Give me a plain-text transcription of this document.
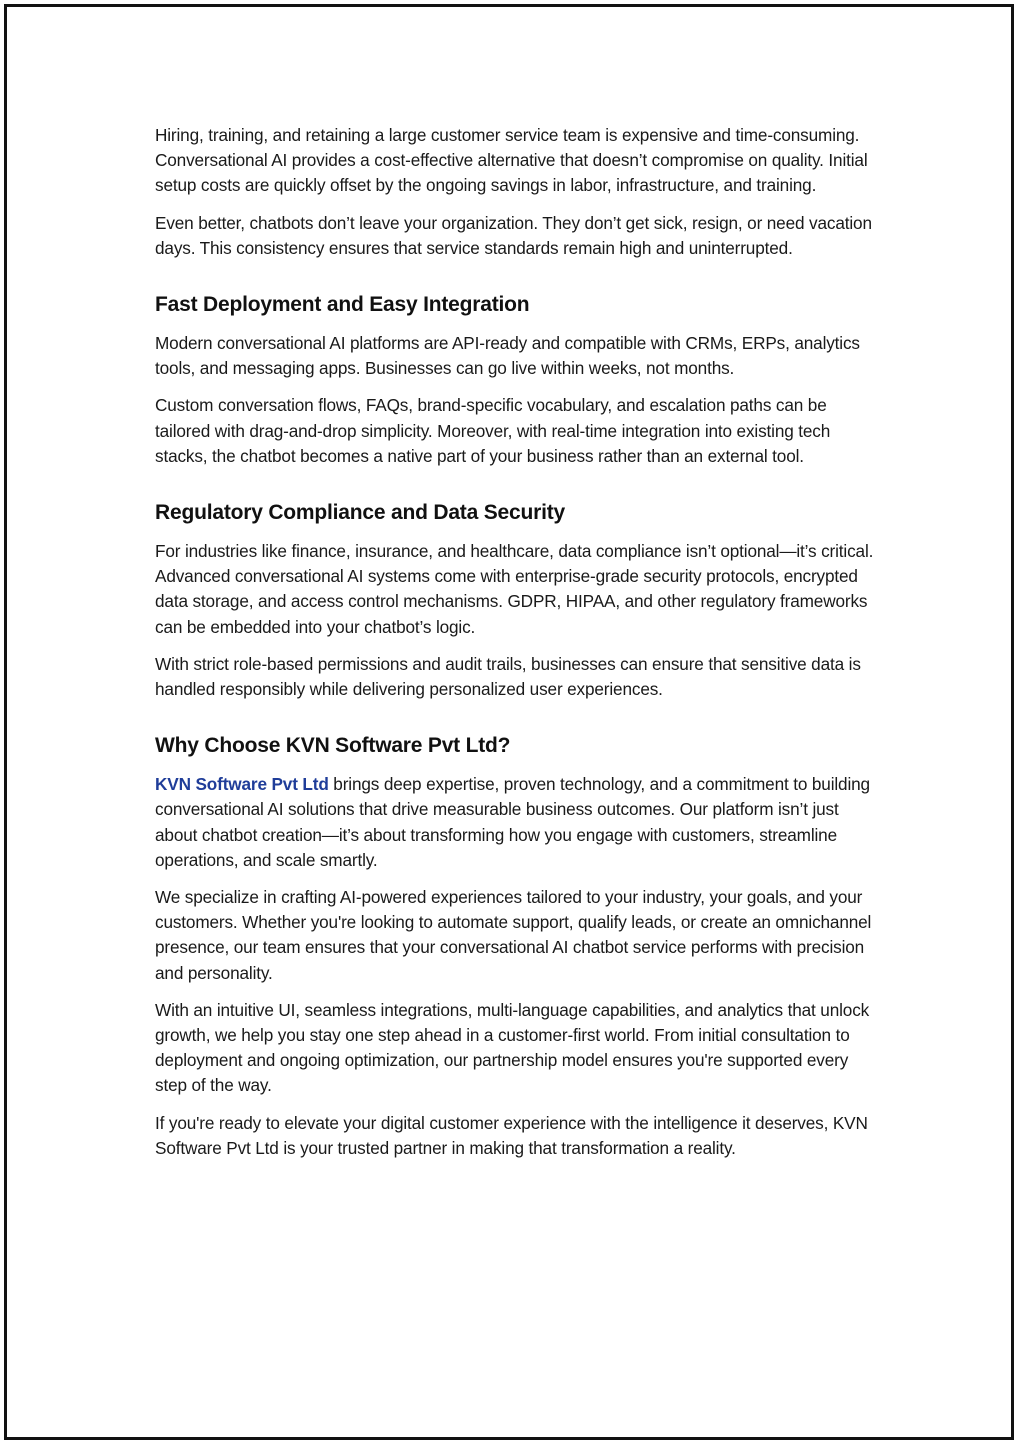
Hiring, training, and retaining a large customer service team is expensive and time-consuming. Conversational AI provides a cost-effective alternative that doesn’t compromise on quality. Initial setup costs are quickly offset by the ongoing savings in labor, infrastructure, and training.

Even better, chatbots don’t leave your organization. They don’t get sick, resign, or need vacation days. This consistency ensures that service standards remain high and uninterrupted.

Fast Deployment and Easy Integration

Modern conversational AI platforms are API-ready and compatible with CRMs, ERPs, analytics tools, and messaging apps. Businesses can go live within weeks, not months.

Custom conversation flows, FAQs, brand-specific vocabulary, and escalation paths can be tailored with drag-and-drop simplicity. Moreover, with real-time integration into existing tech stacks, the chatbot becomes a native part of your business rather than an external tool.

Regulatory Compliance and Data Security

For industries like finance, insurance, and healthcare, data compliance isn’t optional—it’s critical. Advanced conversational AI systems come with enterprise-grade security protocols, encrypted data storage, and access control mechanisms. GDPR, HIPAA, and other regulatory frameworks can be embedded into your chatbot’s logic.

With strict role-based permissions and audit trails, businesses can ensure that sensitive data is handled responsibly while delivering personalized user experiences.

Why Choose KVN Software Pvt Ltd?

KVN Software Pvt Ltd brings deep expertise, proven technology, and a commitment to building conversational AI solutions that drive measurable business outcomes. Our platform isn’t just about chatbot creation—it’s about transforming how you engage with customers, streamline operations, and scale smartly.

We specialize in crafting AI-powered experiences tailored to your industry, your goals, and your customers. Whether you're looking to automate support, qualify leads, or create an omnichannel presence, our team ensures that your conversational AI chatbot service performs with precision and personality.

With an intuitive UI, seamless integrations, multi-language capabilities, and analytics that unlock growth, we help you stay one step ahead in a customer-first world. From initial consultation to deployment and ongoing optimization, our partnership model ensures you're supported every step of the way.

If you're ready to elevate your digital customer experience with the intelligence it deserves, KVN Software Pvt Ltd is your trusted partner in making that transformation a reality.
